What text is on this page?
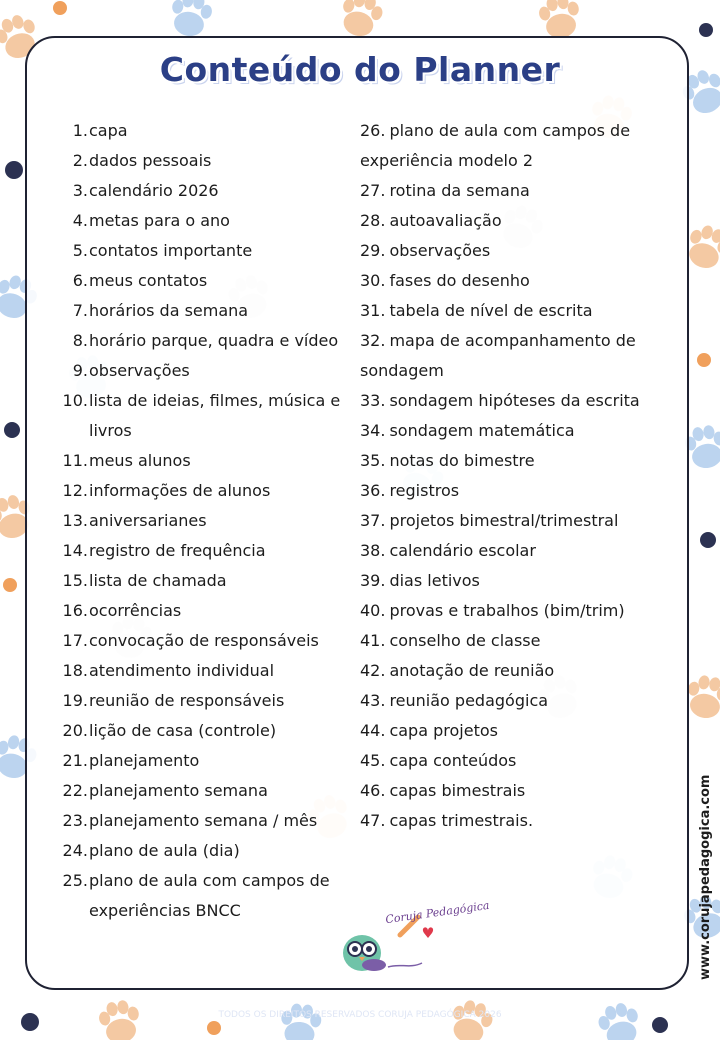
Conteúdo do Planner
1. capa
2. dados pessoais
3. calendário 2026
4. metas para o ano
5. contatos importante
6. meus contatos
7. horários da semana
8. horário parque, quadra e vídeo
9. observações
10. lista de ideias, filmes, música e livros
11. meus alunos
12. informações de alunos
13. aniversarianes
14. registro de frequência
15. lista de chamada
16. ocorrências
17. convocação de responsáveis
18. atendimento individual
19. reunião de responsáveis
20. lição de casa (controle)
21. planejamento
22. planejamento semana
23. planejamento semana / mês
24. plano de aula (dia)
25. plano de aula com campos de experiências BNCC
26. plano de aula com campos de experiência modelo 2
27. rotina da semana
28. autoavaliação
29. observações
30. fases do desenho
31. tabela de nível de escrita
32. mapa de acompanhamento de sondagem
33. sondagem hipóteses da escrita
34. sondagem matemática
35. notas do bimestre
36. registros
37. projetos bimestral/trimestral
38. calendário escolar
39. dias letivos
40. provas e trabalhos (bim/trim)
41. conselho de classe
42. anotação de reunião
43. reunião pedagógica
44. capa projetos
45. capa conteúdos
46. capas bimestrais
47. capas trimestrais.
Coruja Pedagógica	www.corujapedagogica.com
TODOS OS DIREITOS RESERVADOS CORUJA PEDAGÓGICA 2026
